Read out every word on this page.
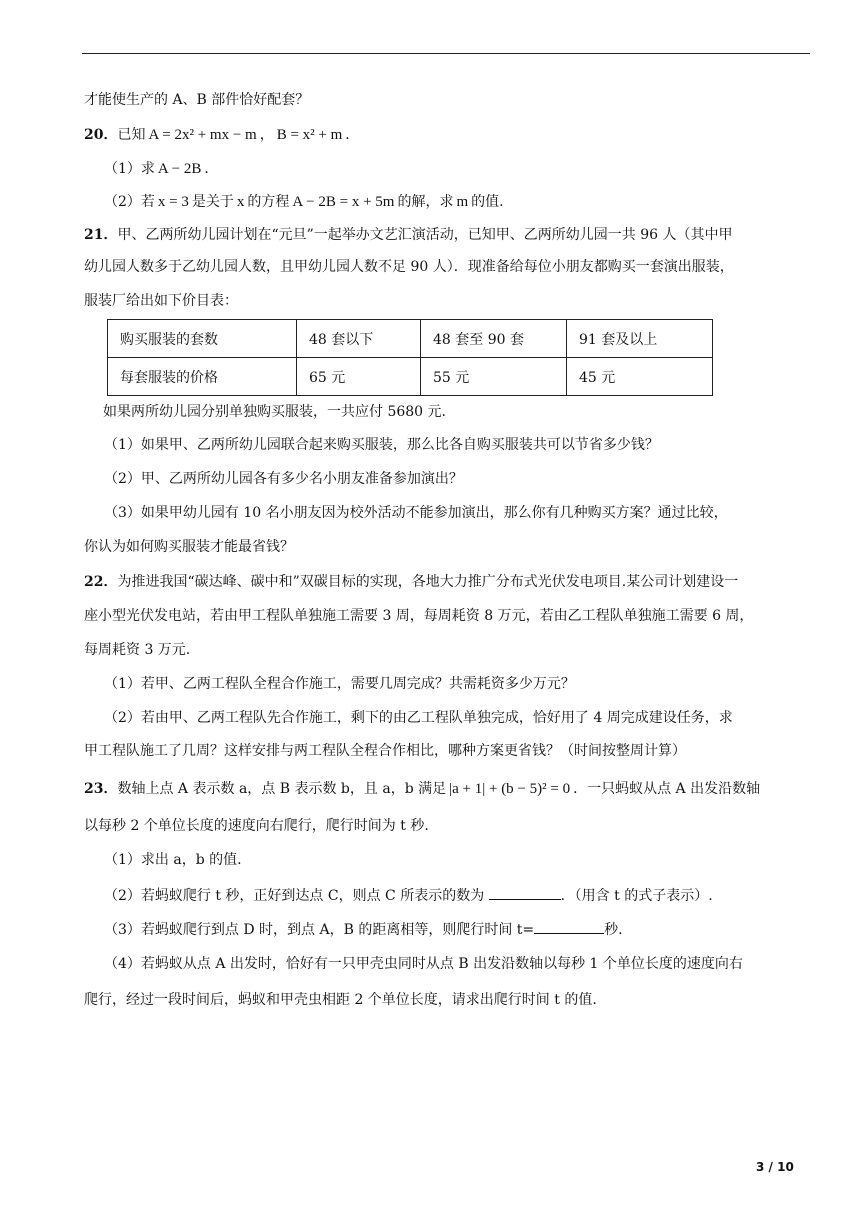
才能使生产的 A、B 部件恰好配套？
20．已知 A = 2x² + mx − m ， B = x² + m ．
（1）求 A − 2B ．
（2）若 x = 3 是关于 x 的方程 A − 2B = x + 5m 的解，求 m 的值.
21．甲、乙两所幼儿园计划在“元旦”一起举办文艺汇演活动，已知甲、乙两所幼儿园一共 96 人（其中甲
幼儿园人数多于乙幼儿园人数，且甲幼儿园人数不足 90 人）．现准备给每位小朋友都购买一套演出服装，
服装厂给出如下价目表：
购买服装的套数	48 套以下	48 套至 90 套	91 套及以上
每套服装的价格	65 元	55 元	45 元
如果两所幼儿园分别单独购买服装，一共应付 5680 元.
（1）如果甲、乙两所幼儿园联合起来购买服装，那么比各自购买服装共可以节省多少钱？
（2）甲、乙两所幼儿园各有多少名小朋友准备参加演出？
（3）如果甲幼儿园有 10 名小朋友因为校外活动不能参加演出，那么你有几种购买方案？通过比较，
你认为如何购买服装才能最省钱？
22．为推进我国“碳达峰、碳中和”双碳目标的实现，各地大力推广分布式光伏发电项目.某公司计划建设一
座小型光伏发电站，若由甲工程队单独施工需要 3 周，每周耗资 8 万元，若由乙工程队单独施工需要 6 周，
每周耗资 3 万元.
（1）若甲、乙两工程队全程合作施工，需要几周完成？共需耗资多少万元？
（2）若由甲、乙两工程队先合作施工，剩下的由乙工程队单独完成，恰好用了 4 周完成建设任务，求
甲工程队施工了几周？这样安排与两工程队全程合作相比，哪种方案更省钱？（时间按整周计算）
23．数轴上点 A 表示数 a，点 B 表示数 b，且 a，b 满足 |a + 1| + (b − 5)² = 0 ．一只蚂蚁从点 A 出发沿数轴
以每秒 2 个单位长度的速度向右爬行，爬行时间为 t 秒.
（1）求出 a，b 的值.
（2）若蚂蚁爬行 t 秒，正好到达点 C，则点 C 所表示的数为	．（用含 t 的式子表示）.
（3）若蚂蚁爬行到点 D 时，到点 A，B 的距离相等，则爬行时间 t=	秒.
（4）若蚂蚁从点 A 出发时，恰好有一只甲壳虫同时从点 B 出发沿数轴以每秒 1 个单位长度的速度向右
爬行，经过一段时间后，蚂蚁和甲壳虫相距 2 个单位长度，请求出爬行时间 t 的值.
3 / 10
